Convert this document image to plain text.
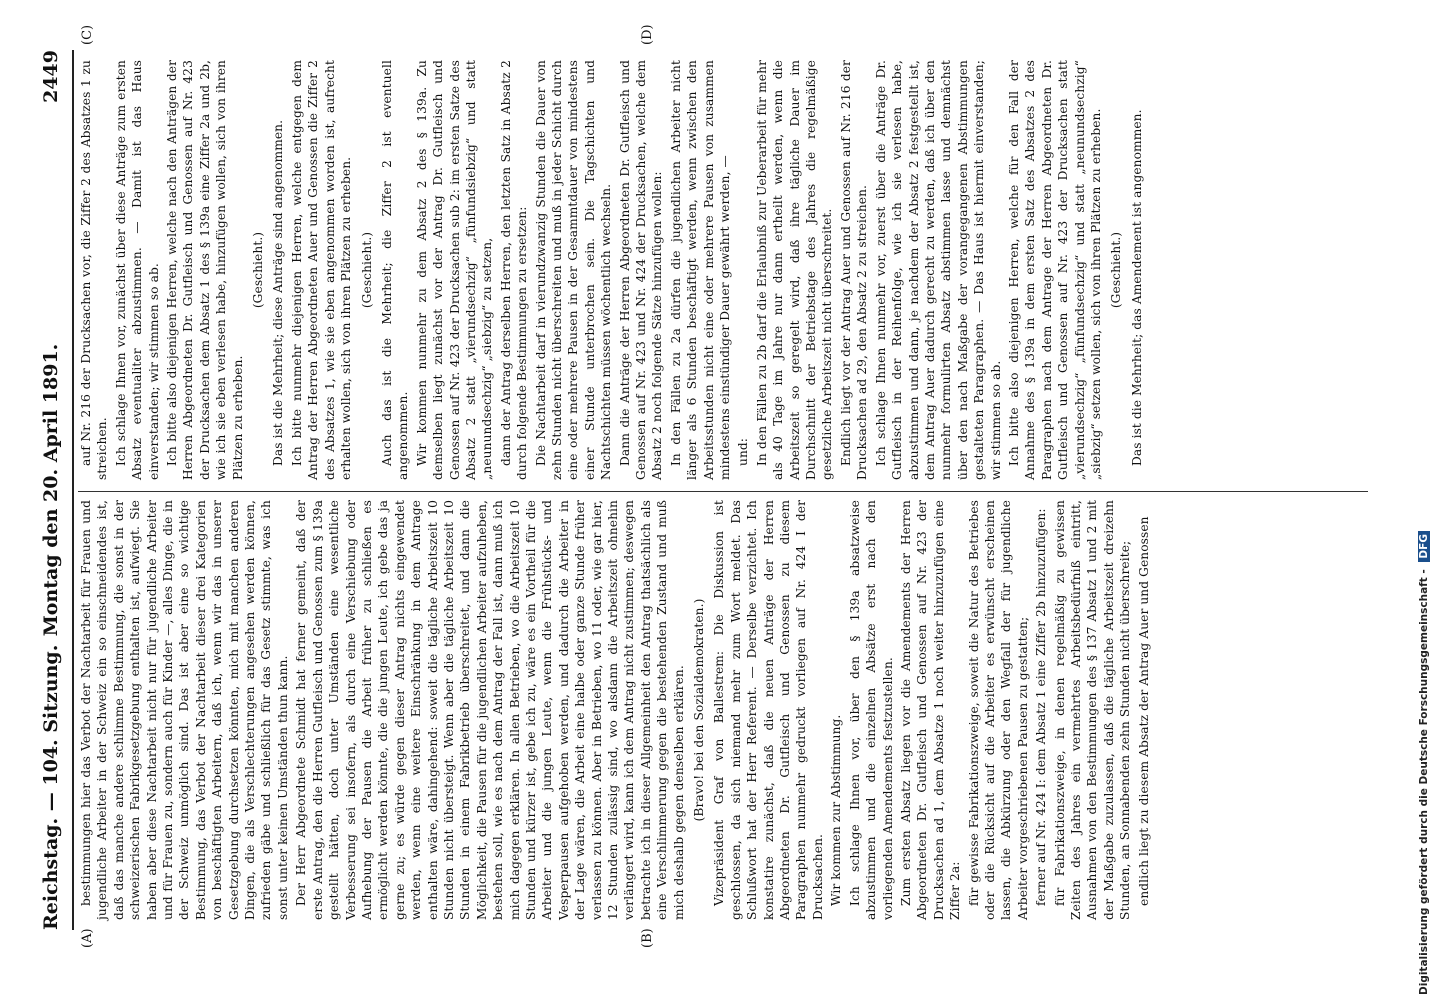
Reichstag. — 104. Sitzung.
Montag den 20. April 1891.
2449
(A)	(B)
(C)	(D)

bestimmungen hier das Verbot der Nachtarbeit für Frauen und jugendliche Arbeiter in der Schweiz ein so einschneidendes ist, daß das manche andere schlimme Bestimmung, die sonst in der schweizerischen Fabrikgesetzgebung enthalten ist, aufwiegt. Sie haben aber diese Nachtarbeit nicht nur für jugendliche Arbeiter und für Frauen zu, sondern auch für Kinder —, alles Dinge, die in der Schweiz unmöglich sind. Das ist aber eine so wichtige Bestimmung, das Verbot der Nachtarbeit dieser drei Kategorien von beschäftigten Arbeitern, daß ich, wenn wir das in unserer Gesetzgebung durchsetzen könnten, mich mit manchen anderen Dingen, die als Verschlechterungen angesehen werden können, zufrieden gäbe und schließlich für das Gesetz stimmte, was ich sonst unter keinen Umständen thun kann. Der Herr Abgeordnete Schmidt hat ferner gemeint, daß der erste Antrag, den die Herren Gutfleisch und Genossen zum § 139a gestellt hätten, doch unter Umständen eine wesentliche Verbesserung sei insofern, als durch eine Verschiebung oder Aufhebung der Pausen die Arbeit früher zu schließen es ermöglicht werden könnte, die die jungen Leute, ich gebe das ja gerne zu; es würde gegen dieser Antrag nichts eingewendet werden, wenn eine weitere Einschränkung in dem Antrage enthalten wäre, dahingehend: soweit die tägliche Arbeitszeit 10 Stunden nicht übersteigt. Wenn aber die tägliche Arbeitszeit 10 Stunden in einem Fabrikbetrieb überschreitet, und dann die Möglichkeit, die Pausen für die jugendlichen Arbeiter aufzuheben, bestehen soll, wie es nach dem Antrag der Fall ist, dann muß ich mich dagegen erklären. In allen Betrieben, wo die Arbeitszeit 10 Stunden und kürzer ist, gebe ich zu, wäre es ein Vortheil für die Arbeiter und die jungen Leute, wenn die Frühstücks- und Vesperpausen aufgehoben werden, und dadurch die Arbeiter in der Lage wären, die Arbeit eine halbe oder ganze Stunde früher verlassen zu können. Aber in Betrieben, wo 11 oder, wie gar hier, 12 Stunden zulässig sind, wo alsdann die Arbeitszeit ohnehin verlängert wird, kann ich dem Antrag nicht zustimmen; deswegen betrachte ich in dieser Allgemeinheit den Antrag thatsächlich als eine Verschlimmerung gegen die bestehenden Zustand und muß mich deshalb gegen denselben erklären. (Bravo! bei den Sozialdemokraten.) Vizepräsident Graf von Ballestrem: Die Diskussion ist geschlossen, da sich niemand mehr zum Wort meldet. Das Schlußwort hat der Herr Referent. — Derselbe verzichtet. Ich konstatire zunächst, daß die neuen Anträge der Herren Abgeordneten Dr. Gutfleisch und Genossen zu diesem Paragraphen nunmehr gedruckt vorliegen auf Nr. 424 I der Drucksachen. Wir kommen zur Abstimmung. Ich schlage Ihnen vor, über den § 139a absatzweise abzustimmen und die einzelnen Absätze erst nach den vorliegenden Amendements festzustellen. Zum ersten Absatz liegen vor die Amendements der Herren Abgeordneten Dr. Gutfleisch und Genossen auf Nr. 423 der Drucksachen ad 1, dem Absatze 1 noch weiter hinzuzufügen eine Ziffer 2a: für gewisse Fabrikationszweige, soweit die Natur des Betriebes oder die Rücksicht auf die Arbeiter es erwünscht erscheinen lassen, die Abkürzung oder den Wegfall der für jugendliche Arbeiter vorgeschriebenen Pausen zu gestatten; ferner auf Nr. 424 I: dem Absatz 1 eine Ziffer 2b hinzuzufügen: für Fabrikationszweige, in denen regelmäßig zu gewissen Zeiten des Jahres ein vermehrtes Arbeitsbedürfniß eintritt, Ausnahmen von den Bestimmungen des § 137 Absatz 1 und 2 mit der Maßgabe zuzulassen, daß die tägliche Arbeitszeit dreizehn Stunden, an Sonnabenden zehn Stunden nicht überschreite; endlich liegt zu diesem Absatz der Antrag Auer und Genossen

auf Nr. 216 der Drucksachen vor, die Ziffer 2 des Absatzes 1 zu streichen. Ich schlage Ihnen vor, zunächst über diese Anträge zum ersten Absatz eventualiter abzustimmen. — Damit ist das Haus einverstanden; wir stimmen so ab. Ich bitte also diejenigen Herren, welche nach den Anträgen der Herren Abgeordneten Dr. Gutfleisch und Genossen auf Nr. 423 der Drucksachen dem Absatz 1 des § 139a eine Ziffer 2a und 2b, wie ich sie eben verlesen habe, hinzufügen wollen, sich von ihren Plätzen zu erheben.

(Geschieht.) Das ist die Mehrheit; diese Anträge sind angenommen. Ich bitte nunmehr diejenigen Herren, welche entgegen dem Antrag der Herren Abgeordneten Auer und Genossen die Ziffer 2 des Absatzes 1, wie sie eben angenommen worden ist, aufrecht erhalten wollen, sich von ihren Plätzen zu erheben. (Geschieht.) Auch das ist die Mehrheit; die Ziffer 2 ist eventuell angenommen. Wir kommen nunmehr zu dem Absatz 2 des § 139a. Zu demselben liegt zunächst vor der Antrag Dr. Gutfleisch und Genossen auf Nr. 423 der Drucksachen sub 2: im ersten Satze des Absatz 2 statt „vierundsechzig“ „fünfundsiebzig“ und statt „neunundsechzig“ „siebzig“ zu setzen, dann der Antrag derselben Herren, den letzten Satz in Absatz 2 durch folgende Bestimmungen zu ersetzen: Die Nachtarbeit darf in vierundzwanzig Stunden die Dauer von zehn Stunden nicht überschreiten und muß in jeder Schicht durch eine oder mehrere Pausen in der Gesammtdauer von mindestens einer Stunde unterbrochen sein. Die Tagschichten und Nachtschichten müssen wöchentlich wechseln. Dann die Anträge der Herren Abgeordneten Dr. Gutfleisch und Genossen auf Nr. 423 und Nr. 424 der Drucksachen, welche dem Absatz 2 noch folgende Sätze hinzufügen wollen: In den Fällen zu 2a dürfen die jugendlichen Arbeiter nicht länger als 6 Stunden beschäftigt werden, wenn zwischen den Arbeitsstunden nicht eine oder mehrere Pausen von zusammen mindestens einstündiger Dauer gewährt werden, — und: In den Fällen zu 2b darf die Erlaubniß zur Ueberarbeit für mehr als 40 Tage im Jahre nur dann ertheilt werden, wenn die Arbeitszeit so geregelt wird, daß ihre tägliche Dauer im Durchschnitt der Betriebstage des Jahres die regelmäßige gesetzliche Arbeitszeit nicht überschreitet. Endlich liegt vor der Antrag Auer und Genossen auf Nr. 216 der Drucksachen ad 29, den Absatz 2 zu streichen. Ich schlage Ihnen nunmehr vor, zuerst über die Anträge Dr. Gutfleisch in der Reihenfolge, wie ich sie verlesen habe, abzustimmen und dann, je nachdem der Absatz 2 festgestellt ist, dem Antrag Auer dadurch gerecht zu werden, daß ich über den nunmehr formulirten Absatz abstimmen lasse und demnächst über den nach Maßgabe der vorangegangenen Abstimmungen gestalteten Paragraphen. — Das Haus ist hiermit einverstanden; wir stimmen so ab. Ich bitte also diejenigen Herren, welche für den Fall der Annahme des § 139a in dem ersten Satz des Absatzes 2 des Paragraphen nach dem Antrage der Herren Abgeordneten Dr. Gutfleisch und Genossen auf Nr. 423 der Drucksachen statt „vierundsechzig“ „fünfundsechzig“ und statt „neunundsechzig“ „siebzig“ setzen wollen, sich von ihren Plätzen zu erheben. (Geschieht.) Das ist die Mehrheit; das Amendement ist angenommen.

Digitalisierung gefördert durch die Deutsche Forschungsgemeinschaft - DFG
